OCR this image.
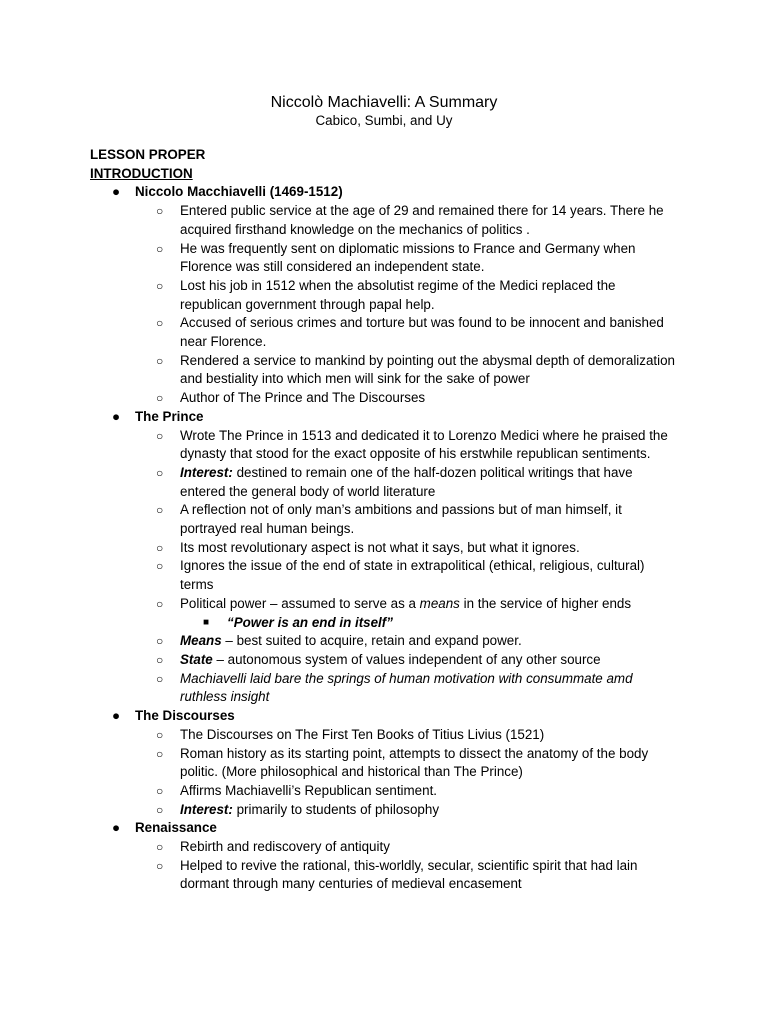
Niccolò Machiavelli: A Summary
Cabico, Sumbi, and Uy
LESSON PROPER
INTRODUCTION
● Niccolo Macchiavelli (1469-1512)
○ Entered public service at the age of 29 and remained there for 14 years. There he acquired firsthand knowledge on the mechanics of politics .
○ He was frequently sent on diplomatic missions to France and Germany when Florence was still considered an independent state.
○ Lost his job in 1512 when the absolutist regime of the Medici replaced the republican government through papal help.
○ Accused of serious crimes and torture but was found to be innocent and banished near Florence.
○ Rendered a service to mankind by pointing out the abysmal depth of demoralization and bestiality into which men will sink for the sake of power
○ Author of The Prince and The Discourses
● The Prince
○ Wrote The Prince in 1513 and dedicated it to Lorenzo Medici where he praised the dynasty that stood for the exact opposite of his erstwhile republican sentiments.
○ Interest: destined to remain one of the half-dozen political writings that have entered the general body of world literature
○ A reflection not of only man’s ambitions and passions but of man himself, it portrayed real human beings.
○ Its most revolutionary aspect is not what it says, but what it ignores.
○ Ignores the issue of the end of state in extrapolitical (ethical, religious, cultural) terms
○ Political power – assumed to serve as a means in the service of higher ends
■ “Power is an end in itself”
○ Means – best suited to acquire, retain and expand power.
○ State – autonomous system of values independent of any other source
○ Machiavelli laid bare the springs of human motivation with consummate amd ruthless insight
● The Discourses
○ The Discourses on The First Ten Books of Titius Livius (1521)
○ Roman history as its starting point, attempts to dissect the anatomy of the body politic. (More philosophical and historical than The Prince)
○ Affirms Machiavelli’s Republican sentiment.
○ Interest: primarily to students of philosophy
● Renaissance
○ Rebirth and rediscovery of antiquity
○ Helped to revive the rational, this-worldly, secular, scientific spirit that had lain dormant through many centuries of medieval encasement
